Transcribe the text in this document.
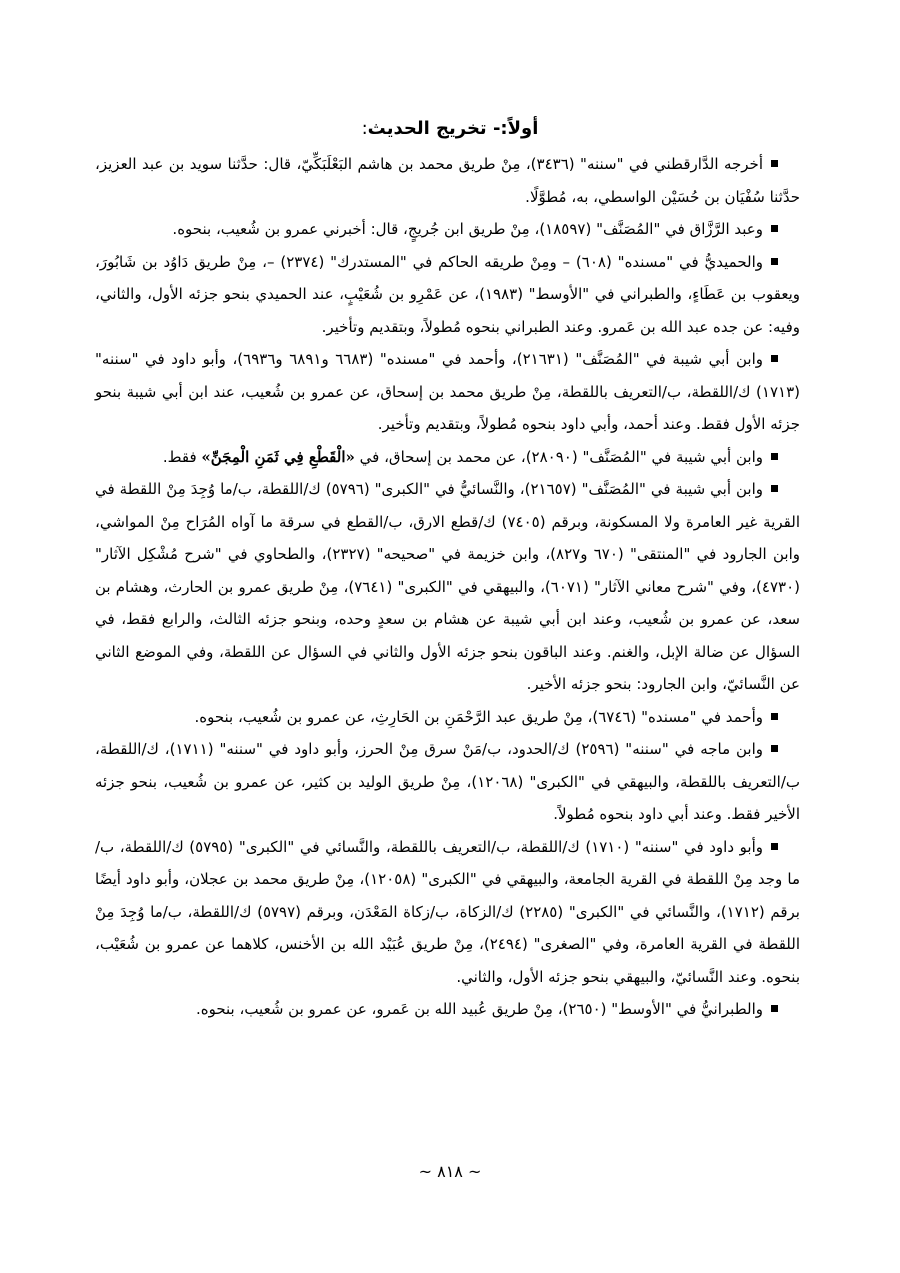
أولاً:- تخريج الحديث:

أخرجه الدَّارقطني في "سننه" (٣٤٣٦)، مِنْ طريق محمد بن هاشم البَعْلَبَكِّيّ، قال: حدَّثنا سويد بن عبد العزيز، حدَّثنا سُفْيَان بن حُسَيْن الواسطي، به، مُطوَّلًا.

وعبد الرَّزَّاق في "المُصَنَّف" (١٨٥٩٧)، مِنْ طريق ابن جُريجٍ، قال: أخبرني عمرو بن شُعيب، بنحوه.

والحميديُّ في "مسنده" (٦٠٨) – ومِنْ طريقه الحاكم في "المستدرك" (٢٣٧٤) –، مِنْ طريق دَاوُد بن شَابُورَ، ويعقوب بن عَطَاءٍ، والطبراني في "الأوسط" (١٩٨٣)، عن عَمْرِو بن شُعَيْبٍ، عند الحميدي بنحو جزئه الأول، والثاني، وفيه: عن جده عبد الله بن عَمرو. وعند الطبراني بنحوه مُطولاً، وبتقديم وتأخير.

وابن أبي شيبة في "المُصَنَّف" (٢١٦٣١)، وأحمد في "مسنده" (٦٦٨٣ و٦٨٩١ و٦٩٣٦)، وأبو داود في "سننه" (١٧١٣) ك/اللقطة، ب/التعريف باللقطة، مِنْ طريق محمد بن إسحاق، عن عمرو بن شُعيب، عند ابن أبي شيبة بنحو جزئه الأول فقط. وعند أحمد، وأبي داود بنحوه مُطولاً، وبتقديم وتأخير.

وابن أبي شيبة في "المُصَنَّف" (٢٨٠٩٠)، عن محمد بن إسحاق، في «الْقَطْعِ فِي ثَمَنِ الْمِجَنِّ» فقط.

وابن أبي شيبة في "المُصَنَّف" (٢١٦٥٧)، والنَّسائيُّ في "الكبرى" (٥٧٩٦) ك/اللقطة، ب/ما وُجِدَ مِنْ اللقطة في القرية غير العامرة ولا المسكونة، وبرقم (٧٤٠٥) ك/قطع الارق، ب/القطع في سرقة ما آواه المُرَاح مِنْ المواشي، وابن الجارود في "المنتقى" (٦٧٠ و٨٢٧)، وابن خزيمة في "صحيحه" (٢٣٢٧)، والطحاوي في "شرح مُشْكِل الآثار" (٤٧٣٠)، وفي "شرح معاني الآثار" (٦٠٧١)، والبيهقي في "الكبرى" (٧٦٤١)، مِنْ طريق عمرو بن الحارث، وهشام بن سعد، عن عمرو بن شُعيب، وعند ابن أبي شيبة عن هشام بن سعدٍ وحده، وبنحو جزئه الثالث، والرابع فقط، في السؤال عن ضالة الإبل، والغنم. وعند الباقون بنحو جزئه الأول والثاني في السؤال عن اللقطة، وفي الموضع الثاني عن النَّسائيّ، وابن الجارود: بنحو جزئه الأخير.

وأحمد في "مسنده" (٦٧٤٦)، مِنْ طريق عبد الرَّحْمَنِ بن الحَارِثِ، عن عمرو بن شُعيب، بنحوه.

وابن ماجه في "سننه" (٢٥٩٦) ك/الحدود، ب/مَنْ سرق مِنْ الحرز، وأبو داود في "سننه" (١٧١١)، ك/اللقطة، ب/التعريف باللقطة، والبيهقي في "الكبرى" (١٢٠٦٨)، مِنْ طريق الوليد بن كثير، عن عمرو بن شُعيب، بنحو جزئه الأخير فقط. وعند أبي داود بنحوه مُطولاً.

وأبو داود في "سننه" (١٧١٠) ك/اللقطة، ب/التعريف باللقطة، والنَّسائي في "الكبرى" (٥٧٩٥) ك/اللقطة، ب/ما وجد مِنْ اللقطة في القرية الجامعة، والبيهقي في "الكبرى" (١٢٠٥٨)، مِنْ طريق محمد بن عجلان، وأبو داود أيضًا برقم (١٧١٢)، والنَّسائي في "الكبرى" (٢٢٨٥) ك/الزكاة، ب/زكاة المَعْدَن، وبرقم (٥٧٩٧) ك/اللقطة، ب/ما وُجِدَ مِنْ اللقطة في القرية العامرة، وفي "الصغرى" (٢٤٩٤)، مِنْ طريق عُبَيْد الله بن الأخنس، كلاهما عن عمرو بن شُعَيْب، بنحوه. وعند النَّسائيّ، والبيهقي بنحو جزئه الأول، والثاني.

والطبرانيُّ في "الأوسط" (٢٦٥٠)، مِنْ طريق عُبيد الله بن عَمرو، عن عمرو بن شُعيب، بنحوه.

~ ٨١٨ ~
